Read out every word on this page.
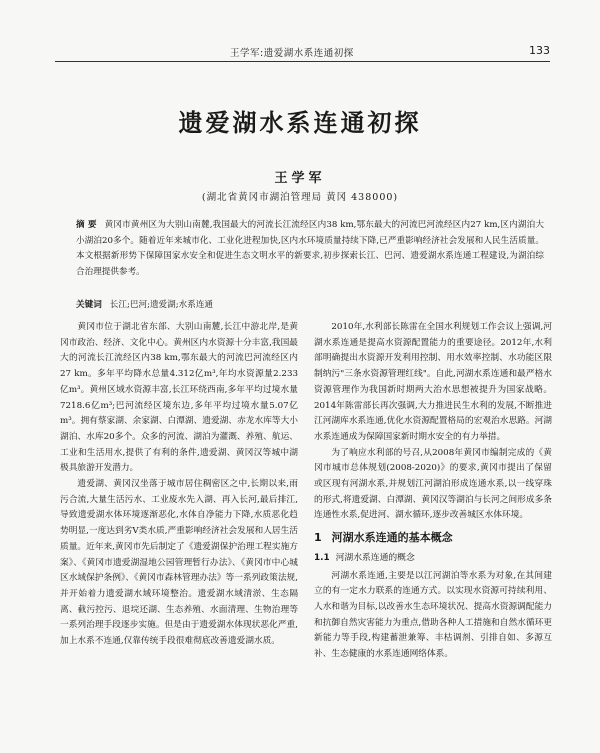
王学军:遗爱湖水系连通初探	133
遗爱湖水系连通初探
王学军
(湖北省黄冈市湖泊管理局 黄冈 438000)
摘 要 黄冈市黄州区为大别山南麓,我国最大的河流长江流经区内38 km,鄂东最大的河流巴河流经区内27 km,区内湖泊大小湖泊20多个。随着近年来城市化、工业化进程加快,区内水环境质量持续下降,已严重影响经济社会发展和人民生活质量。本文根据新形势下保障国家水安全和促进生态文明水平的新要求,初步探索长江、巴河、遗爱湖水系连通工程建设,为湖泊综合治理提供参考。
关键词 长江;巴河;遗爱湖;水系连通

黄冈市位于湖北省东部、大别山南麓,长江中游北岸,是黄冈市政治、经济、文化中心。黄州区内水资源十分丰富,我国最大的河流长江流经区内38 km,鄂东最大的河流巴河流经区内27 km。多年平均降水总量4.312亿m³,年均水资源量2.233亿m³。黄州区域水资源丰富,长江环绕西南,多年平均过境水量7218.6亿m³;巴河流经区境东边,多年平均过境水量5.07亿m³。拥有蔡家湖、余家湖、白潭湖、遗爱湖、赤龙水库等大小湖泊、水库20多个。众多的河流、湖泊为灌溉、养殖、航运、工业和生活用水,提供了有利的条件,遗爱湖、黄冈汉等城中湖极具旅游开发潜力。

遗爱湖、黄冈汉坐落于城市居住稠密区之中,长期以来,雨污合流,大量生活污水、工业废水先入湖、再入长河,最后排江,导致遗爱湖水体环境逐渐恶化,水体自净能力下降,水质恶化趋势明显,一度达到劣V类水质,严重影响经济社会发展和人居生活质量。近年来,黄冈市先后制定了《遗爱湖保护治理工程实施方案》、《黄冈市遗爱湖湿地公园管理暂行办法》、《黄冈市中心城区水域保护条例》、《黄冈市森林管理办法》等一系列政策法规,并开始着力遗爱湖水域环境整治。遗爱湖水域清淤、生态隔离、截污控污、退垸还湖、生态养殖、水面清理、生物治理等一系列治理手段逐步实施。但是由于遗爱湖水体现状恶化严重,加上水系不连通,仅靠传统手段很难彻底改善遗爱湖水质。

2010年,水利部长陈雷在全国水利规划工作会议上强调,河湖水系连通是提高水资源配置能力的重要途径。2012年,水利部明确提出水资源开发利用控制、用水效率控制、水功能区限制纳污"三条水资源管理红线"。自此,河湖水系连通和最严格水资源管理作为我国新时期两大治水思想被提升为国家战略。2014年陈雷部长再次强调,大力推进民生水利的发展,不断推进江河湖库水系连通,优化水资源配置格局的宏观治水思路。河湖水系连通成为保障国家新时期水安全的有力举措。

为了响应水利部的号召,从2008年黄冈市编制完成的《黄冈市城市总体规划(2008-2020)》的要求,黄冈市提出了保留或区现有河湖水系,并规划江河湖泊形成连通水系,以一线穿珠的形式,将遗爱湖、白潭湖、黄冈汉等湖泊与长河之间形成多条连通性水系,促进河、湖水循环,逐步改善城区水体环境。

1 河湖水系连通的基本概念
1.1 河湖水系连通的概念

河湖水系连通,主要是以江河湖泊等水系为对象,在其间建立的有一定水力联系的连通方式。以实现水资源可持续利用、人水和谐为目标,以改善水生态环境状况、提高水资源调配能力和抗御自然灾害能力为重点,借助各种人工措施和自然水循环更新能力等手段,构建蓄泄兼筹、丰枯调剂、引排自如、多源互补、生态健康的水系连通网络体系。
